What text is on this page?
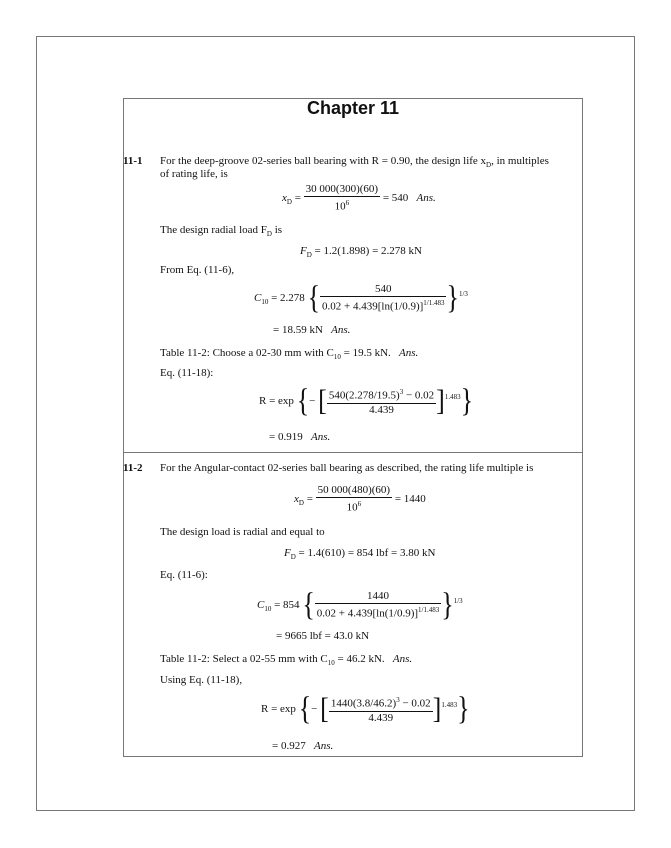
Chapter 11
11-1 For the deep-groove 02-series ball bearing with R = 0.90, the design life $x_D$, in multiples
of rating life, is
$x_D = \frac{30 000(300)(60)}{10^6} = 540$ Ans.
The design radial load $F_D$ is
$F_D = 1.2(1.898) = 2.278$ kN
From Eq. (11-6),
$C_{10} = 2.278$ { $\frac{540}{0.02 + 4.439[\ln(1/0.9)]^{1/1.483}} \}^{1/3}$
= 18.59 kN Ans.
Table 11-2: Choose a 02-30 mm with $C_{10} = 19.5$ kN. Ans.
Eq. (11-18):
R = exp {− [ $\frac{540(2.278/19.5)^3 - 0.02}{4.439} ]^{1.483}$}
= 0.919 Ans.
11-2 For the Angular-contact 02-series ball bearing as described, the rating life multiple is
$x_D = \frac{50 000(480)(60)}{10^6} = 1440$
The design load is radial and equal to
$F_D = 1.4(610) = 854$ lbf = 3.80 kN
Eq. (11-6):
$C_{10} = 854$ { $\frac{1440}{0.02 + 4.439[\ln(1/0.9)]^{1/1.483}} \}^{1/3}$
= 9665 lbf = 43.0 kN
Table 11-2: Select a 02-55 mm with $C_{10} = 46.2$ kN. Ans.
Using Eq. (11-18),
R = exp {− [ $\frac{1440(3.8/46.2)^3 - 0.02}{4.439} ]^{1.483}$}
= 0.927 Ans.
